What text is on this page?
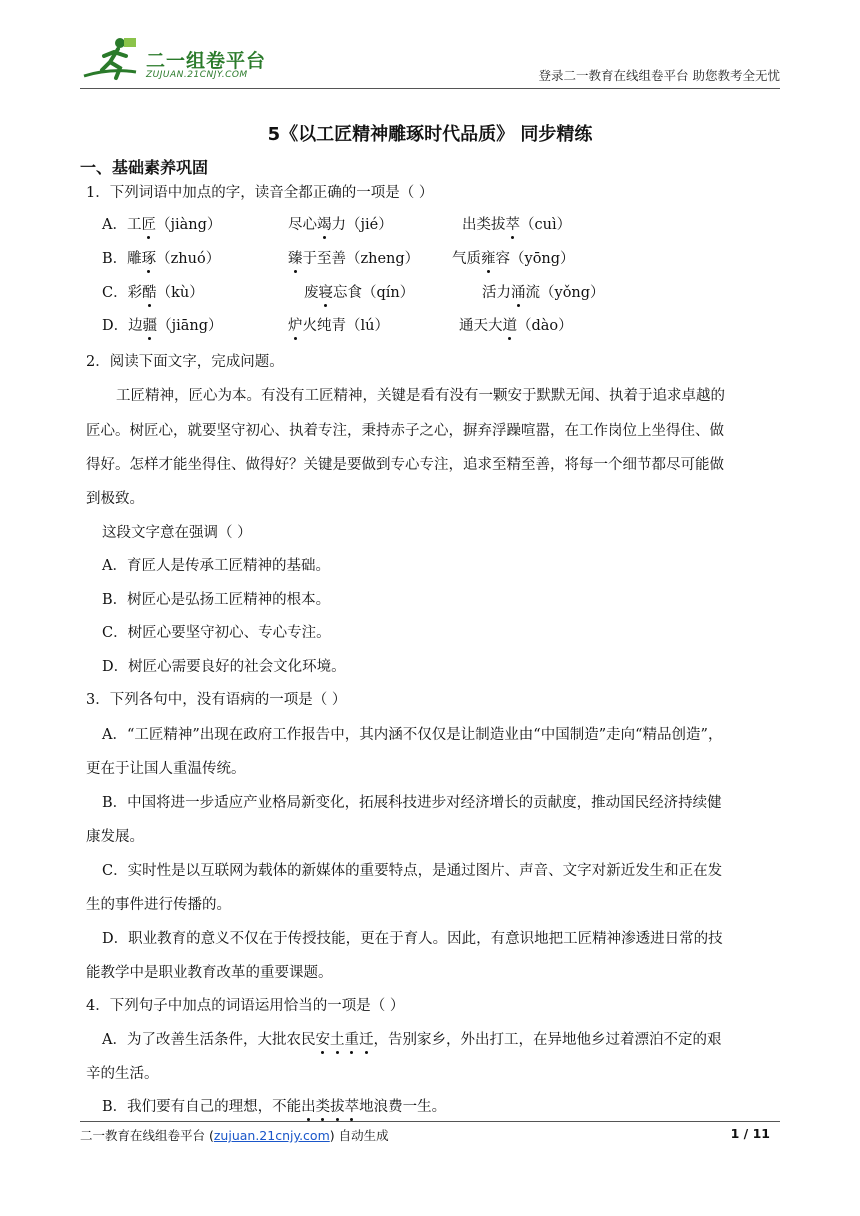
二一组卷平台
ZUJUAN.21CNJY.COM	登录二一教育在线组卷平台 助您教考全无忧
5《以工匠精神雕琢时代品质》 同步精练
一、基础素养巩固
1．下列词语中加点的字，读音全都正确的一项是（ ）
A．工匠（jiàng）	尽心竭力（jié）	出类拔萃（cuì）
B．雕琢（zhuó）	臻于至善（zheng） 气质雍容（yōng）
C．彩酷（kù）	废寝忘食（qín）	活力涌流（yǒng）
D．边疆（jiāng）	炉火纯青（lú）	通天大道（dào）
2．阅读下面文字，完成问题。
工匠精神，匠心为本。有没有工匠精神，关键是看有没有一颗安于默默无闻、执着于追求卓越的
匠心。树匠心，就要坚守初心、执着专注，秉持赤子之心，摒弃浮躁喧嚣，在工作岗位上坐得住、做
得好。怎样才能坐得住、做得好？关键是要做到专心专注，追求至精至善，将每一个细节都尽可能做
到极致。
这段文字意在强调（ ）
A．育匠人是传承工匠精神的基础。
B．树匠心是弘扬工匠精神的根本。
C．树匠心要坚守初心、专心专注。
D．树匠心需要良好的社会文化环境。
3．下列各句中，没有语病的一项是（ ）
A．“工匠精神”出现在政府工作报告中，其内涵不仅仅是让制造业由“中国制造”走向“精品创造”，
更在于让国人重温传统。
B．中国将进一步适应产业格局新变化，拓展科技进步对经济增长的贡献度，推动国民经济持续健
康发展。
C．实时性是以互联网为载体的新媒体的重要特点，是通过图片、声音、文字对新近发生和正在发
生的事件进行传播的。
D．职业教育的意义不仅在于传授技能，更在于育人。因此，有意识地把工匠精神渗透进日常的技
能教学中是职业教育改革的重要课题。
4．下列句子中加点的词语运用恰当的一项是（ ）
A．为了改善生活条件，大批农民安土重迁，告别家乡，外出打工，在异地他乡过着漂泊不定的艰
辛的生活。
B．我们要有自己的理想，不能出类拔萃地浪费一生。
二一教育在线组卷平台 (zujuan.21cnjy.com) 自动生成	1 / 11
